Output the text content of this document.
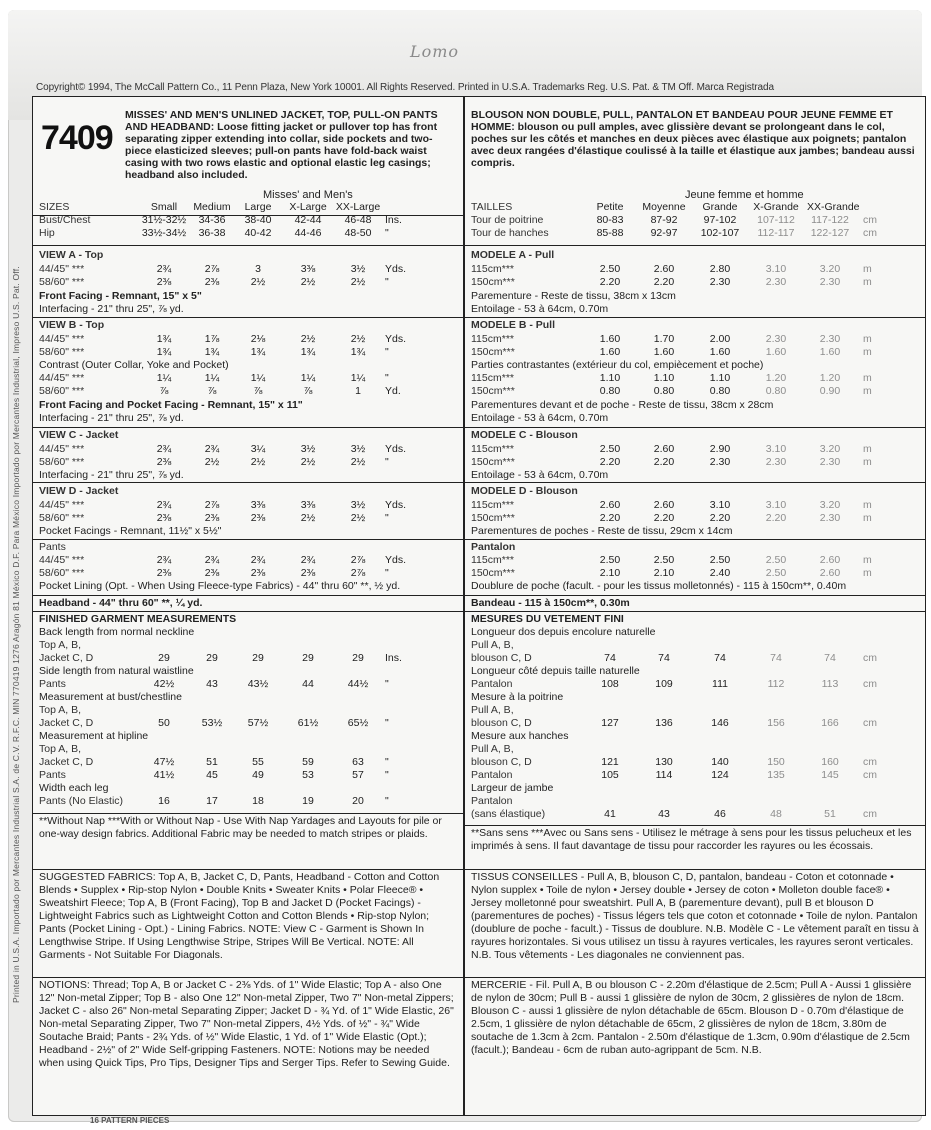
Lomo
Copyright© 1994, The McCall Pattern Co., 11 Penn Plaza, New York 10001. All Rights Reserved. Printed in U.S.A. Trademarks Reg. U.S. Pat. & TM Off. Marca Registrada
Printed in U.S.A. Importado por Mercantes Industrial S.A. de C.V. R.F.C. MIN 770419 1276 Aragón 81 México D.F. Para México Importado por Mercantes Industrial, Impreso U.S. Pat. Off.
7409
MISSES' AND MEN'S UNLINED JACKET, TOP, PULL-ON PANTS AND HEADBAND: Loose fitting jacket or pullover top has front separating zipper extending into collar, side pockets and two-piece elasticized sleeves; pull-on pants have fold-back waist casing with two rows elastic and optional elastic leg casings; headband also included.
Misses' and Men's
SIZES	Small	Medium	Large	X-Large XX-Large
Bust/Chest	31½-32½	34-36	38-40	42-44	46-48	Ins.
Hip	33½-34½	36-38	40-42	44-46	48-50	"
VIEW A - Top
44/45" ***	2¾	2⅞	3	3⅜	3½	Yds.
58/60" ***	2⅜	2⅜	2½	2½	2½	"
Front Facing - Remnant, 15" x 5"
Interfacing - 21" thru 25", ⅞ yd.
VIEW B - Top
44/45" ***	1¾	1⅞	2⅛	2½	2½	Yds.
58/60" ***	1¾	1¾	1¾	1¾	1¾	"
Contrast (Outer Collar, Yoke and Pocket)
44/45" ***	1¼	1¼	1¼	1¼	1¼	"
58/60" ***	⅞	⅞	⅞	⅞	1	Yd.
Front Facing and Pocket Facing - Remnant, 15" x 11"
Interfacing - 21" thru 25", ⅞ yd.
VIEW C - Jacket
44/45" ***	2¾	2¾	3¼	3½	3½	Yds.
58/60" ***	2⅜	2½	2½	2½	2½	"
Interfacing - 21" thru 25", ⅞ yd.
VIEW D - Jacket
44/45" ***	2¾	2⅞	3⅜	3⅜	3½	Yds.
58/60" ***	2⅜	2⅜	2⅜	2½	2½	"
Pocket Facings - Remnant, 11½" x 5½"
Pants
44/45" ***	2¾	2¾	2¾	2¾	2⅞	Yds.
58/60" ***	2⅜	2⅜	2⅜	2⅜	2⅞	"
Pocket Lining (Opt. - When Using Fleece-type Fabrics) - 44" thru 60" **, ½ yd.
Headband - 44" thru 60" **, ¼ yd.
FINISHED GARMENT MEASUREMENTS
Back length from normal neckline
Top A, B,
Jacket C, D	29	29	29	29	29	Ins.
Side length from natural waistline
Pants	42½	43	43½	44	44½	"
Measurement at bust/chestline
Top A, B,
Jacket C, D	50	53½	57½	61½	65½	"
Measurement at hipline
Top A, B,
Jacket C, D	47½	51	55	59	63	"
Pants	41½	45	49	53	57	"
Width each leg
Pants (No Elastic)	16	17	18	19	20	"
**Without Nap ***With or Without Nap - Use With Nap Yardages and Layouts for pile or one-way design fabrics. Additional Fabric may be needed to match stripes or plaids.
SUGGESTED FABRICS: Top A, B, Jacket C, D, Pants, Headband - Cotton and Cotton Blends • Supplex • Rip-stop Nylon • Double Knits • Sweater Knits • Polar Fleece® • Sweatshirt Fleece; Top A, B (Front Facing), Top B and Jacket D (Pocket Facings) - Lightweight Fabrics such as Lightweight Cotton and Cotton Blends • Rip-stop Nylon; Pants (Pocket Lining - Opt.) - Lining Fabrics. NOTE: View C - Garment is Shown In Lengthwise Stripe. If Using Lengthwise Stripe, Stripes Will Be Vertical. NOTE: All Garments - Not Suitable For Diagonals.
NOTIONS: Thread; Top A, B or Jacket C - 2⅜ Yds. of 1" Wide Elastic; Top A - also One 12" Non-metal Zipper; Top B - also One 12" Non-metal Zipper, Two 7" Non-metal Zippers; Jacket C - also 26" Non-metal Separating Zipper; Jacket D - ¾ Yd. of 1" Wide Elastic, 26" Non-metal Separating Zipper, Two 7" Non-metal Zippers, 4½ Yds. of ½" - ¾" Wide Soutache Braid; Pants - 2¾ Yds. of ½" Wide Elastic, 1 Yd. of 1" Wide Elastic (Opt.); Headband - 2½" of 2" Wide Self-gripping Fasteners. NOTE: Notions may be needed when using Quick Tips, Pro Tips, Designer Tips and Serger Tips. Refer to Sewing Guide.
BLOUSON NON DOUBLE, PULL, PANTALON ET BANDEAU POUR JEUNE FEMME ET HOMME: blouson ou pull amples, avec glissière devant se prolongeant dans le col, poches sur les côtés et manches en deux pièces avec élastique aux poignets; pantalon avec deux rangées d'élastique coulissé à la taille et élastique aux jambes; bandeau aussi compris.
Jeune femme et homme
TAILLES	Petite	Moyenne	Grande	X-Grande XX-Grande
Tour de poitrine	80-83	87-92	97-102	107-112	117-122	cm
Tour de hanches	85-88	92-97	102-107	112-117	122-127	cm
MODELE A - Pull
115cm***	2.50	2.60	2.80	3.10	3.20	m
150cm***	2.20	2.20	2.30	2.30	2.30	m
Parementure - Reste de tissu, 38cm x 13cm
Entoilage - 53 à 64cm, 0.70m
MODELE B - Pull
115cm***	1.60	1.70	2.00	2.30	2.30	m
150cm***	1.60	1.60	1.60	1.60	1.60	m
Parties contrastantes (extérieur du col, empiècement et poche)
115cm***	1.10	1.10	1.10	1.20	1.20	m
150cm***	0.80	0.80	0.80	0.80	0.90	m
Parementures devant et de poche - Reste de tissu, 38cm x 28cm
Entoilage - 53 à 64cm, 0.70m
MODELE C - Blouson
115cm***	2.50	2.60	2.90	3.10	3.20	m
150cm***	2.20	2.20	2.30	2.30	2.30	m
Entoilage - 53 à 64cm, 0.70m
MODELE D - Blouson
115cm***	2.60	2.60	3.10	3.10	3.20	m
150cm***	2.20	2.20	2.20	2.20	2.30	m
Parementures de poches - Reste de tissu, 29cm x 14cm
Pantalon
115cm***	2.50	2.50	2.50	2.50	2.60	m
150cm***	2.10	2.10	2.40	2.50	2.60	m
Doublure de poche (facult. - pour les tissus molletonnés) - 115 à 150cm**, 0.40m
Bandeau - 115 à 150cm**, 0.30m
MESURES DU VETEMENT FINI
Longueur dos depuis encolure naturelle
Pull A, B,
blouson C, D	74	74	74	74	74	cm
Longueur côté depuis taille naturelle
Pantalon	108	109	111	112	113	cm
Mesure à la poitrine
Pull A, B,
blouson C, D	127	136	146	156	166	cm
Mesure aux hanches
Pull A, B,
blouson C, D	121	130	140	150	160	cm
Pantalon	105	114	124	135	145	cm
Largeur de jambe
Pantalon
(sans élastique)	41	43	46	48	51	cm
**Sans sens ***Avec ou Sans sens - Utilisez le métrage à sens pour les tissus pelucheux et les imprimés à sens. Il faut davantage de tissu pour raccorder les rayures ou les écossais.
TISSUS CONSEILLES - Pull A, B, blouson C, D, pantalon, bandeau - Coton et cotonnade • Nylon supplex • Toile de nylon • Jersey double • Jersey de coton • Molleton double face® • Jersey molletonné pour sweatshirt. Pull A, B (parementure devant), pull B et blouson D (parementures de poches) - Tissus légers tels que coton et cotonnade • Toile de nylon. Pantalon (doublure de poche - facult.) - Tissus de doublure. N.B. Modèle C - Le vêtement paraît en tissu à rayures horizontales. Si vous utilisez un tissu à rayures verticales, les rayures seront verticales. N.B. Tous vêtements - Les diagonales ne conviennent pas.
MERCERIE - Fil. Pull A, B ou blouson C - 2.20m d'élastique de 2.5cm; Pull A - Aussi 1 glissière de nylon de 30cm; Pull B - aussi 1 glissière de nylon de 30cm, 2 glissières de nylon de 18cm. Blouson C - aussi 1 glissière de nylon détachable de 65cm. Blouson D - 0.70m d'élastique de 2.5cm, 1 glissière de nylon détachable de 65cm, 2 glissières de nylon de 18cm, 3.80m de soutache de 1.3cm à 2cm. Pantalon - 2.50m d'élastique de 1.3cm, 0.90m d'élastique de 2.5cm (facult.); Bandeau - 6cm de ruban auto-agrippant de 5cm. N.B.
16 PATTERN PIECES
